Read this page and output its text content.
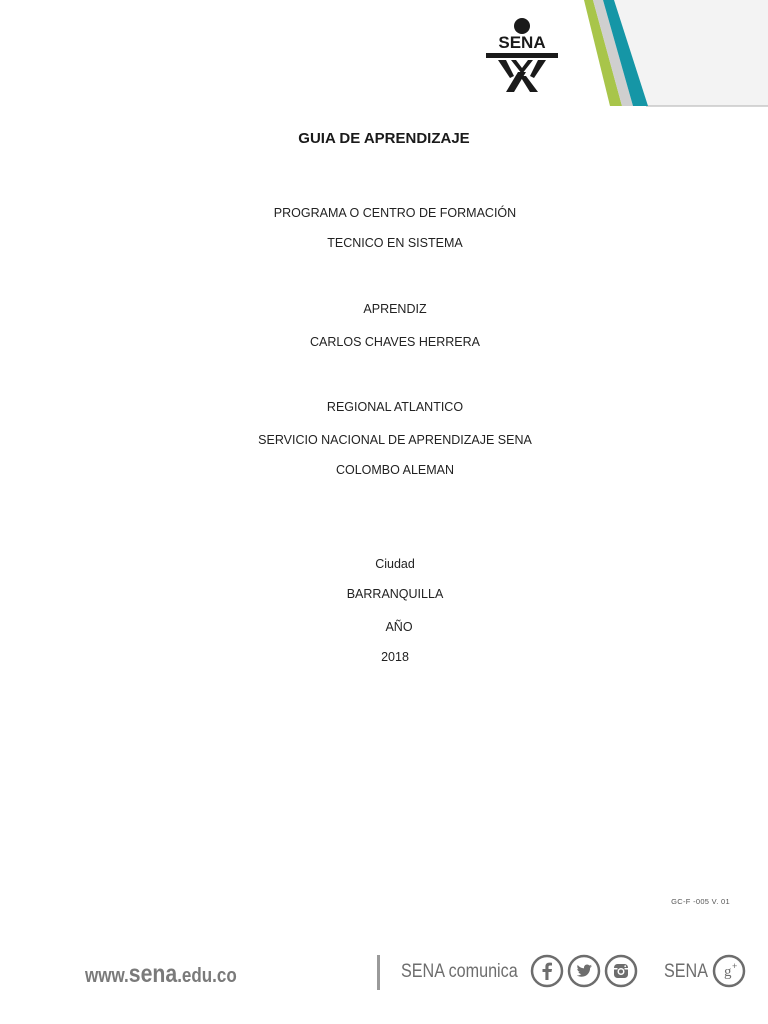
SENA
GUIA DE APRENDIZAJE
PROGRAMA O CENTRO DE FORMACIÓN
TECNICO EN SISTEMA
APRENDIZ
CARLOS CHAVES HERRERA
REGIONAL ATLANTICO
SERVICIO NACIONAL DE APRENDIZAJE SENA
COLOMBO ALEMAN
Ciudad
BARRANQUILLA
AÑO
2018
GC-F -005 V. 01
www.sena.edu.co	SENA comunica	SENA g +
